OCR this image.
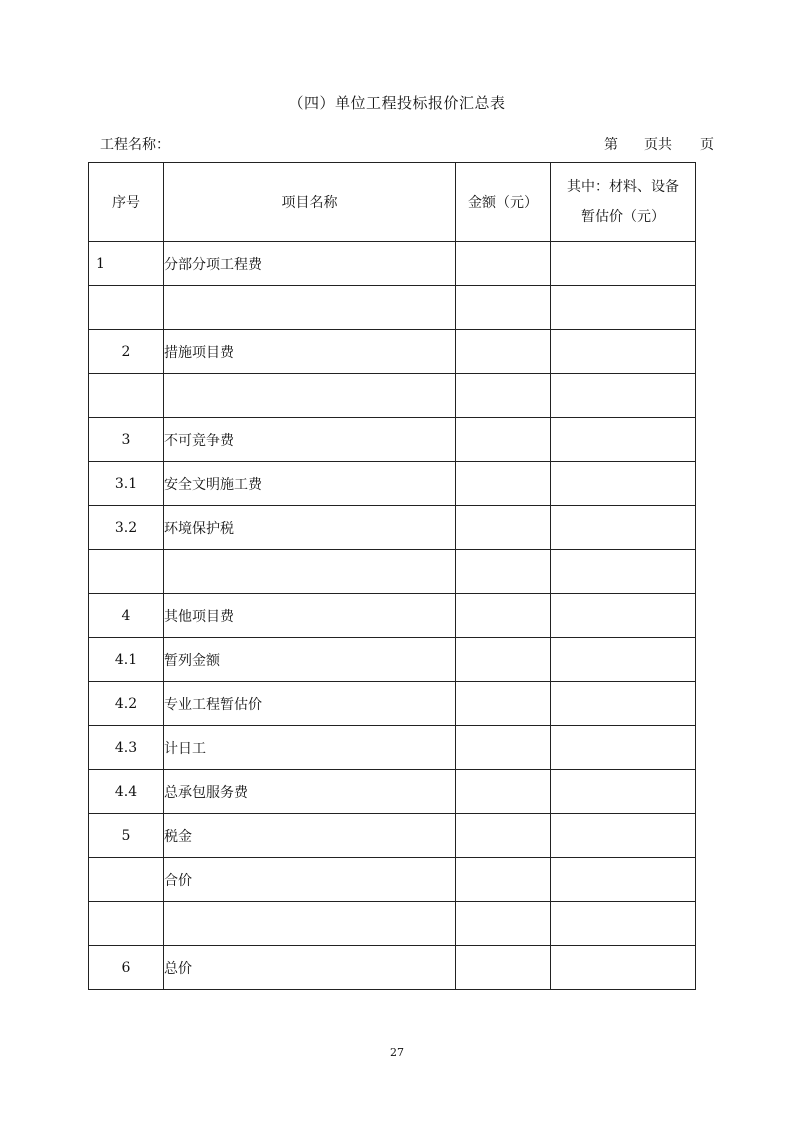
（四）单位工程投标报价汇总表
工程名称：	第 页共 页
序号	项目名称	金额（元）	其中：材料、设备
暂估价（元）

1	分部分项工程费		

2	措施项目费		

3	不可竞争费		
3.1	安全文明施工费		
3.2	环境保护税		

4	其他项目费		
4.1	暂列金额		
4.2	专业工程暂估价		
4.3	计日工		
4.4	总承包服务费		
5	税金		
	合价		

6	总价		
27
